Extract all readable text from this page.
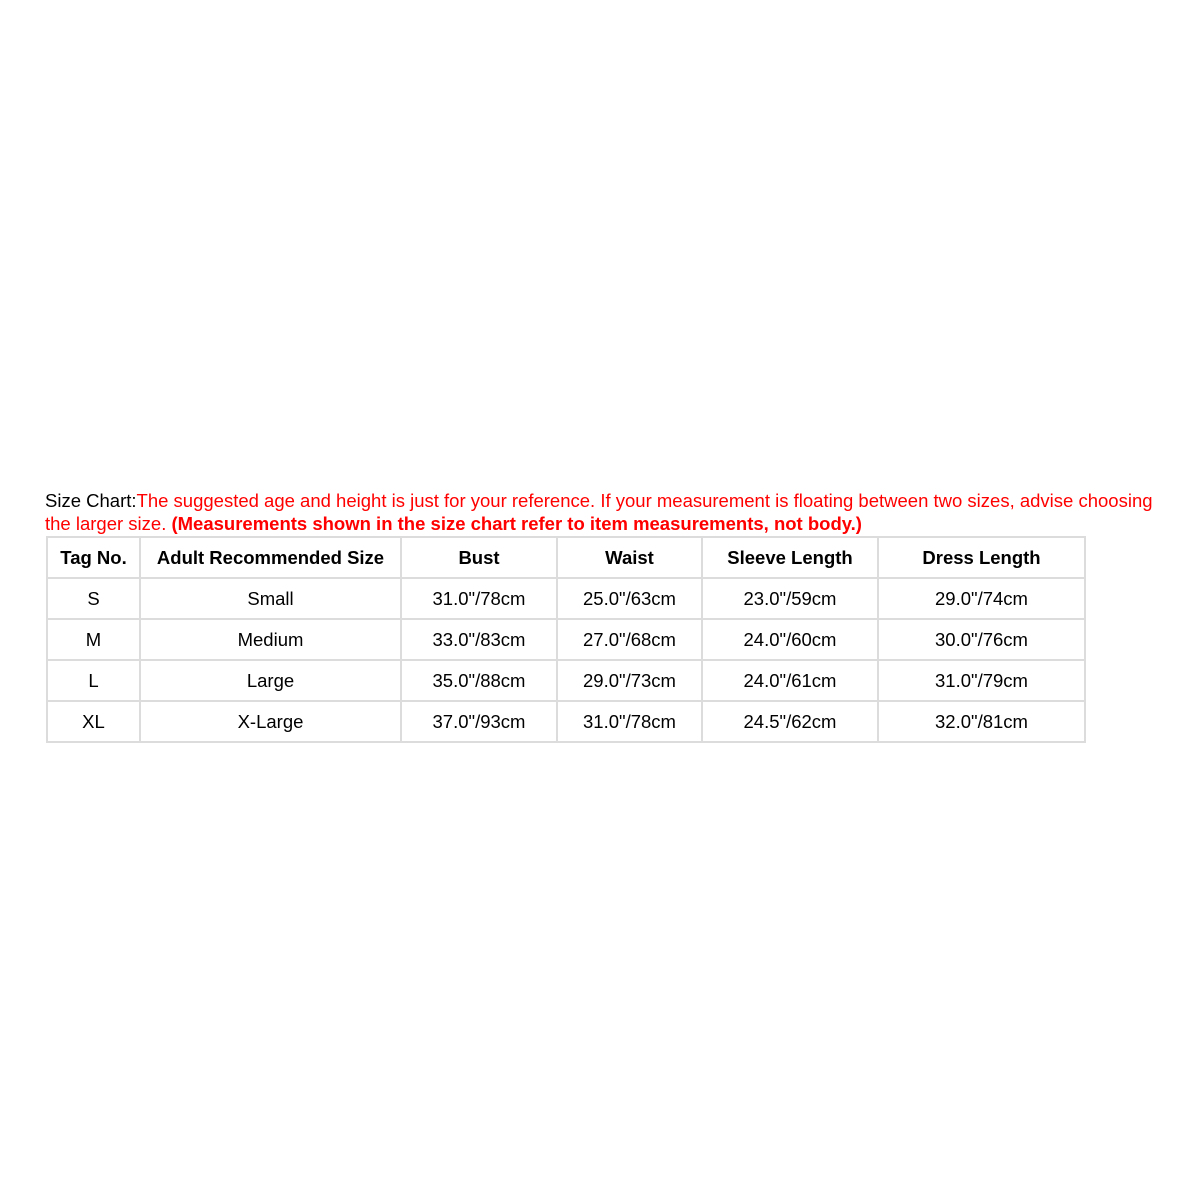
Size Chart:The suggested age and height is just for your reference. If your measurement is floating between two sizes, advise choosing the larger size. (Measurements shown in the size chart refer to item measurements, not body.)

Tag No.	Adult Recommended Size	Bust	Waist	Sleeve Length	Dress Length
S	Small	31.0"/78cm	25.0"/63cm	23.0"/59cm	29.0"/74cm
M	Medium	33.0"/83cm	27.0"/68cm	24.0"/60cm	30.0"/76cm
L	Large	35.0"/88cm	29.0"/73cm	24.0"/61cm	31.0"/79cm
XL	X-Large	37.0"/93cm	31.0"/78cm	24.5"/62cm	32.0"/81cm
